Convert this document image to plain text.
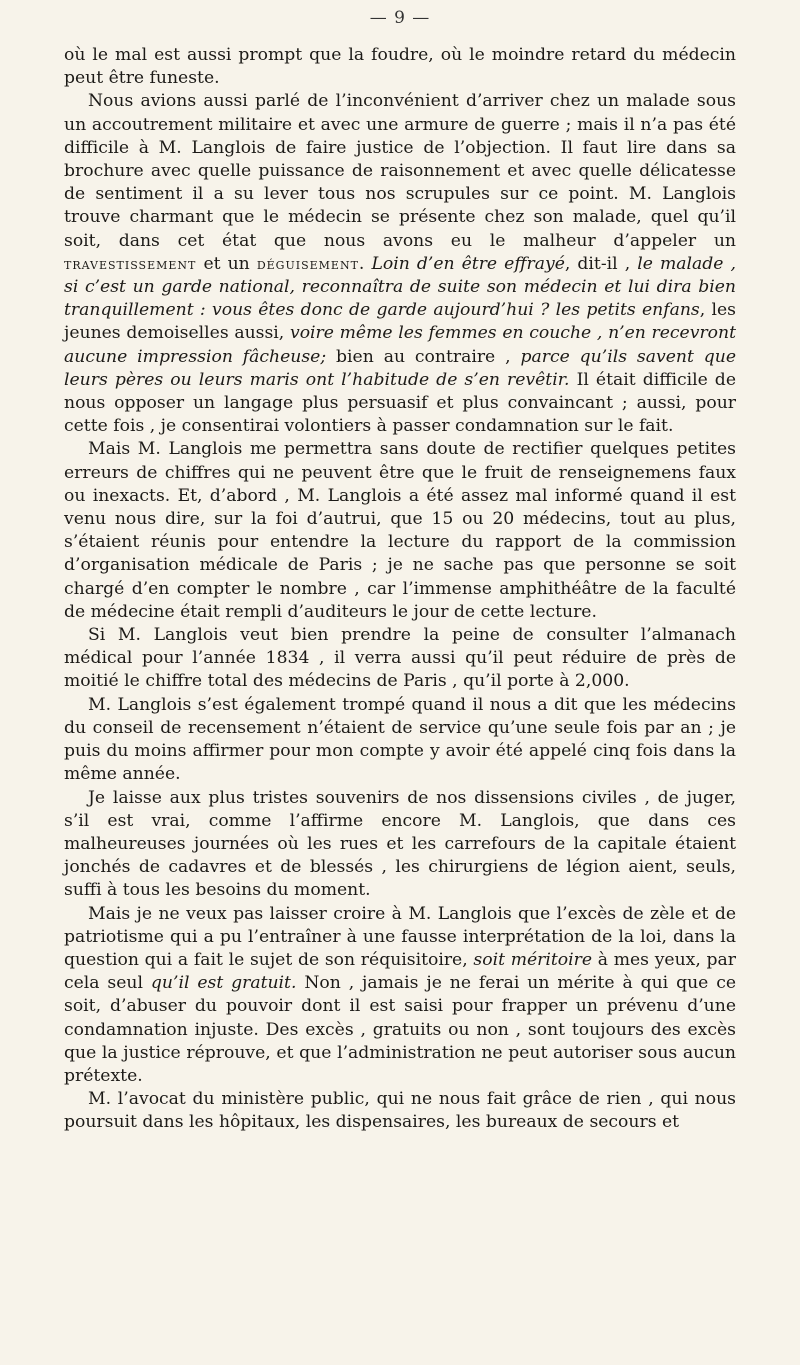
— 9 —

où le mal est aussi prompt que la foudre, où le moindre retard du médecin peut être funeste.

Nous avions aussi parlé de l’inconvénient d’arriver chez un malade sous un accoutrement militaire et avec une armure de guerre ; mais il n’a pas été difficile à M. Langlois de faire justice de l’objection. Il faut lire dans sa brochure avec quelle puissance de raisonnement et avec quelle délicatesse de sentiment il a su lever tous nos scrupules sur ce point. M. Langlois trouve charmant que le médecin se présente chez son malade, quel qu’il soit, dans cet état que nous avons eu le malheur d’appeler un travestissement et un déguisement. Loin d’en être effrayé, dit-il , le malade , si c’est un garde national, reconnaîtra de suite son médecin et lui dira bien tranquillement : vous êtes donc de garde aujourd’hui ? les petits enfans, les jeunes demoiselles aussi, voire même les femmes en couche , n’en recevront aucune impression fâcheuse; bien au contraire , parce qu’ils savent que leurs pères ou leurs maris ont l’habitude de s’en revêtir. Il était difficile de nous opposer un langage plus persuasif et plus convaincant ; aussi, pour cette fois , je consentirai volontiers à passer condamnation sur le fait.

Mais M. Langlois me permettra sans doute de rectifier quelques petites erreurs de chiffres qui ne peuvent être que le fruit de renseignemens faux ou inexacts. Et, d’abord , M. Langlois a été assez mal informé quand il est venu nous dire, sur la foi d’autrui, que 15 ou 20 médecins, tout au plus, s’étaient réunis pour entendre la lecture du rapport de la commission d’organisation médicale de Paris ; je ne sache pas que personne se soit chargé d’en compter le nombre , car l’immense amphithéâtre de la faculté de médecine était rempli d’auditeurs le jour de cette lecture.

Si M. Langlois veut bien prendre la peine de consulter l’almanach médical pour l’année 1834 , il verra aussi qu’il peut réduire de près de moitié le chiffre total des médecins de Paris , qu’il porte à 2,000.

M. Langlois s’est également trompé quand il nous a dit que les médecins du conseil de recensement n’étaient de service qu’une seule fois par an ; je puis du moins affirmer pour mon compte y avoir été appelé cinq fois dans la même année.

Je laisse aux plus tristes souvenirs de nos dissensions civiles , de juger, s’il est vrai, comme l’affirme encore M. Langlois, que dans ces malheureuses journées où les rues et les carrefours de la capitale étaient jonchés de cadavres et de blessés , les chirurgiens de légion aient, seuls, suffi à tous les besoins du moment.

Mais je ne veux pas laisser croire à M. Langlois que l’excès de zèle et de patriotisme qui a pu l’entraîner à une fausse interprétation de la loi, dans la question qui a fait le sujet de son réquisitoire, soit méritoire à mes yeux, par cela seul qu’il est gratuit. Non , jamais je ne ferai un mérite à qui que ce soit, d’abuser du pouvoir dont il est saisi pour frapper un prévenu d’une condamnation injuste. Des excès , gratuits ou non , sont toujours des excès que la justice réprouve, et que l’administration ne peut autoriser sous aucun prétexte.

M. l’avocat du ministère public, qui ne nous fait grâce de rien , qui nous poursuit dans les hôpitaux, les dispensaires, les bureaux de secours et
